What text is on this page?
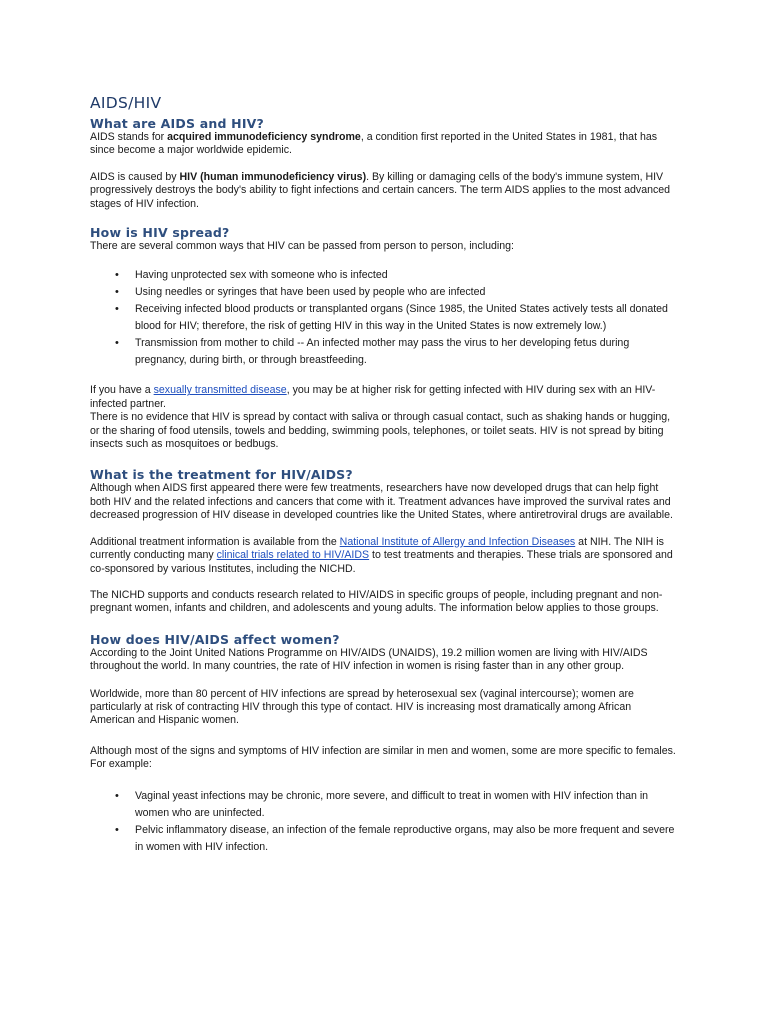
AIDS/HIV
What are AIDS and HIV?

AIDS stands for acquired immunodeficiency syndrome, a condition first reported in the United States in 1981, that has since become a major worldwide epidemic.

AIDS is caused by HIV (human immunodeficiency virus). By killing or damaging cells of the body's immune system, HIV progressively destroys the body's ability to fight infections and certain cancers. The term AIDS applies to the most advanced stages of HIV infection.

How is HIV spread?

There are several common ways that HIV can be passed from person to person, including:

• Having unprotected sex with someone who is infected
• Using needles or syringes that have been used by people who are infected
• Receiving infected blood products or transplanted organs (Since 1985, the United States actively tests all donated blood for HIV; therefore, the risk of getting HIV in this way in the United States is now extremely low.)
• Transmission from mother to child -- An infected mother may pass the virus to her developing fetus during pregnancy, during birth, or through breastfeeding.

If you have a sexually transmitted disease, you may be at higher risk for getting infected with HIV during sex with an HIV-infected partner.

There is no evidence that HIV is spread by contact with saliva or through casual contact, such as shaking hands or hugging, or the sharing of food utensils, towels and bedding, swimming pools, telephones, or toilet seats. HIV is not spread by biting insects such as mosquitoes or bedbugs.

What is the treatment for HIV/AIDS?

Although when AIDS first appeared there were few treatments, researchers have now developed drugs that can help fight both HIV and the related infections and cancers that come with it. Treatment advances have improved the survival rates and decreased progression of HIV disease in developed countries like the United States, where antiretroviral drugs are available.

Additional treatment information is available from the National Institute of Allergy and Infection Diseases at NIH. The NIH is currently conducting many clinical trials related to HIV/AIDS to test treatments and therapies. These trials are sponsored and co-sponsored by various Institutes, including the NICHD.

The NICHD supports and conducts research related to HIV/AIDS in specific groups of people, including pregnant and non-pregnant women, infants and children, and adolescents and young adults. The information below applies to those groups.

How does HIV/AIDS affect women?

According to the Joint United Nations Programme on HIV/AIDS (UNAIDS), 19.2 million women are living with HIV/AIDS throughout the world. In many countries, the rate of HIV infection in women is rising faster than in any other group.

Worldwide, more than 80 percent of HIV infections are spread by heterosexual sex (vaginal intercourse); women are particularly at risk of contracting HIV through this type of contact. HIV is increasing most dramatically among African American and Hispanic women.

Although most of the signs and symptoms of HIV infection are similar in men and women, some are more specific to females. For example:

• Vaginal yeast infections may be chronic, more severe, and difficult to treat in women with HIV infection than in women who are uninfected.
• Pelvic inflammatory disease, an infection of the female reproductive organs, may also be more frequent and severe in women with HIV infection.
